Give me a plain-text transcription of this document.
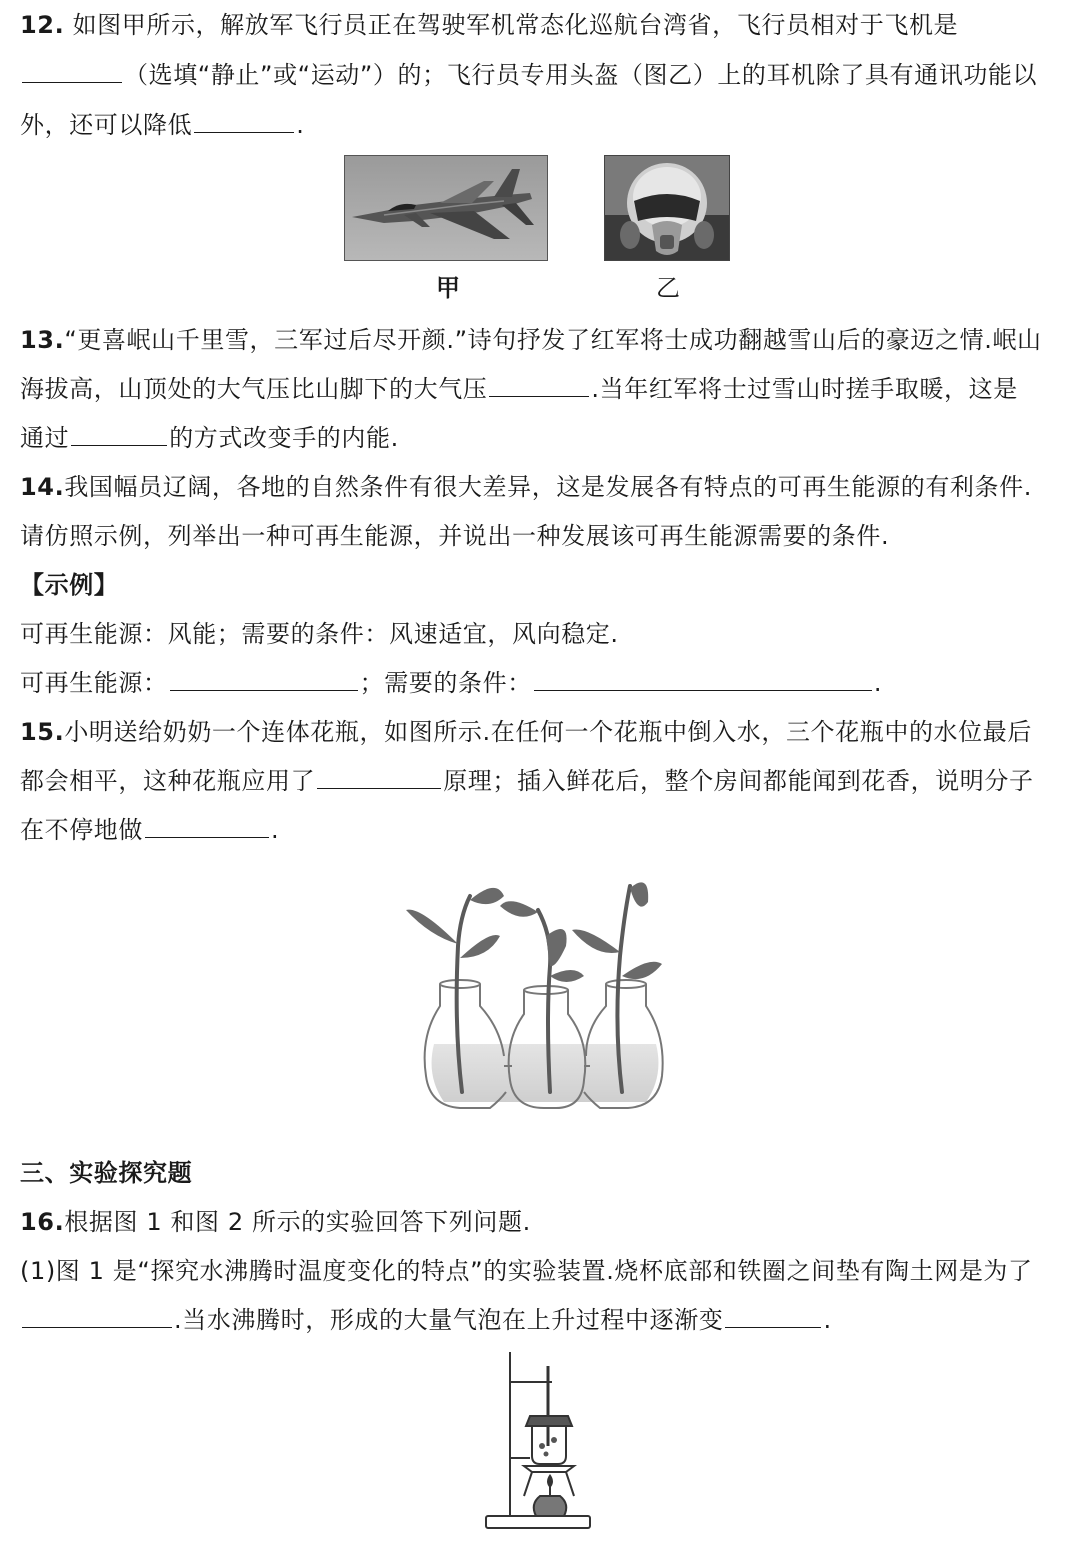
12. 如图甲所示，解放军飞行员正在驾驶军机常态化巡航台湾省，飞行员相对于飞机是
（选填“静止”或“运动”）的；飞行员专用头盔（图乙）上的耳机除了具有通讯功能以
外，还可以降低	.
甲	乙
13.“更喜岷山千里雪，三军过后尽开颜.”诗句抒发了红军将士成功翻越雪山后的豪迈之情.岷山
海拔高，山顶处的大气压比山脚下的大气压	.当年红军将士过雪山时搓手取暖，这是
通过	的方式改变手的内能.
14.我国幅员辽阔，各地的自然条件有很大差异，这是发展各有特点的可再生能源的有利条件.
请仿照示例，列举出一种可再生能源，并说出一种发展该可再生能源需要的条件.
【示例】
可再生能源：风能；需要的条件：风速适宜，风向稳定.
可再生能源：	；需要的条件：	.
15.小明送给奶奶一个连体花瓶，如图所示.在任何一个花瓶中倒入水，三个花瓶中的水位最后
都会相平，这种花瓶应用了	原理；插入鲜花后，整个房间都能闻到花香，说明分子
在不停地做	.
三、实验探究题
16.根据图 1 和图 2 所示的实验回答下列问题.
(1)图 1 是“探究水沸腾时温度变化的特点”的实验装置.烧杯底部和铁圈之间垫有陶土网是为了
.当水沸腾时，形成的大量气泡在上升过程中逐渐变	.
